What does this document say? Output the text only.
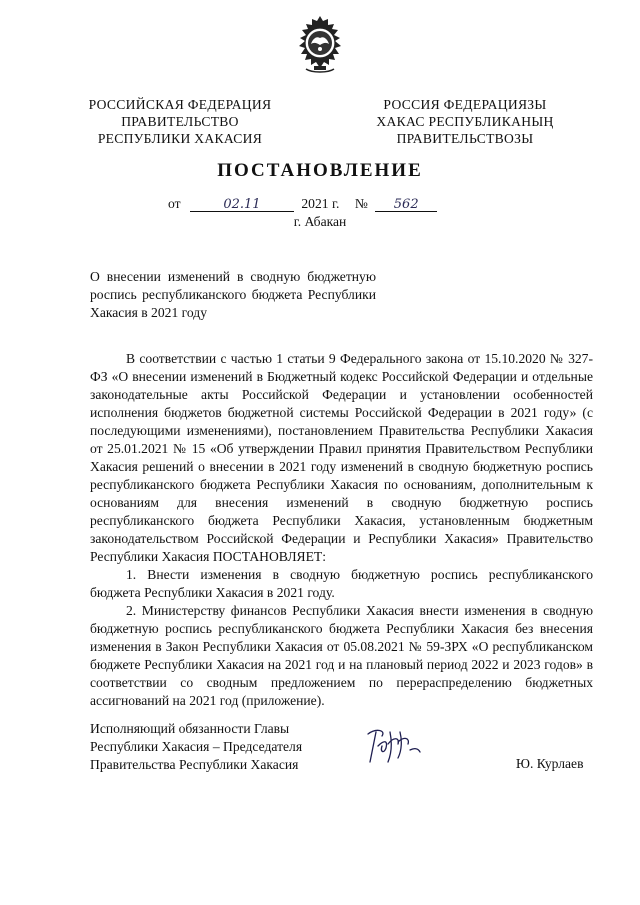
РОССИЙСКАЯ ФЕДЕРАЦИЯ
ПРАВИТЕЛЬСТВО
РЕСПУБЛИКИ ХАКАСИЯ
РОССИЯ ФЕДЕРАЦИЯЗЫ
ХАКАС РЕСПУБЛИКАНЫҢ
ПРАВИТЕЛЬСТВОЗЫ
ПОСТАНОВЛЕНИЕ
от	02.11	2021 г. № 562
г. Абакан
О внесении изменений в сводную бюджетную роспись республиканского бюджета Республики Хакасия в 2021 году

В соответствии с частью 1 статьи 9 Федерального закона от 15.10.2020 № 327-ФЗ «О внесении изменений в Бюджетный кодекс Российской Федерации и отдельные законодательные акты Российской Федерации и установлении особенностей исполнения бюджетов бюджетной системы Российской Федерации в 2021 году» (с последующими изменениями), постановлением Правительства Республики Хакасия от 25.01.2021 № 15 «Об утверждении Правил принятия Правительством Республики Хакасия решений о внесении в 2021 году изменений в сводную бюджетную роспись республиканского бюджета Республики Хакасия по основаниям, дополнительным к основаниям для внесения изменений в сводную бюджетную роспись республиканского бюджета Республики Хакасия, установленным бюджетным законодательством Российской Федерации и Республики Хакасия» Правительство Республики Хакасия ПОСТАНОВЛЯЕТ:

1. Внести изменения в сводную бюджетную роспись республиканского бюджета Республики Хакасия в 2021 году.

2. Министерству финансов Республики Хакасия внести изменения в сводную бюджетную роспись республиканского бюджета Республики Хакасия без внесения изменения в Закон Республики Хакасия от 05.08.2021 № 59-ЗРХ «О республиканском бюджете Республики Хакасия на 2021 год и на плановый период 2022 и 2023 годов» в соответствии со сводным предложением по перераспределению бюджетных ассигнований на 2021 год (приложение).

Исполняющий обязанности Главы
Республики Хакасия – Председателя
Правительства Республики Хакасия	Ю. Курлаев
